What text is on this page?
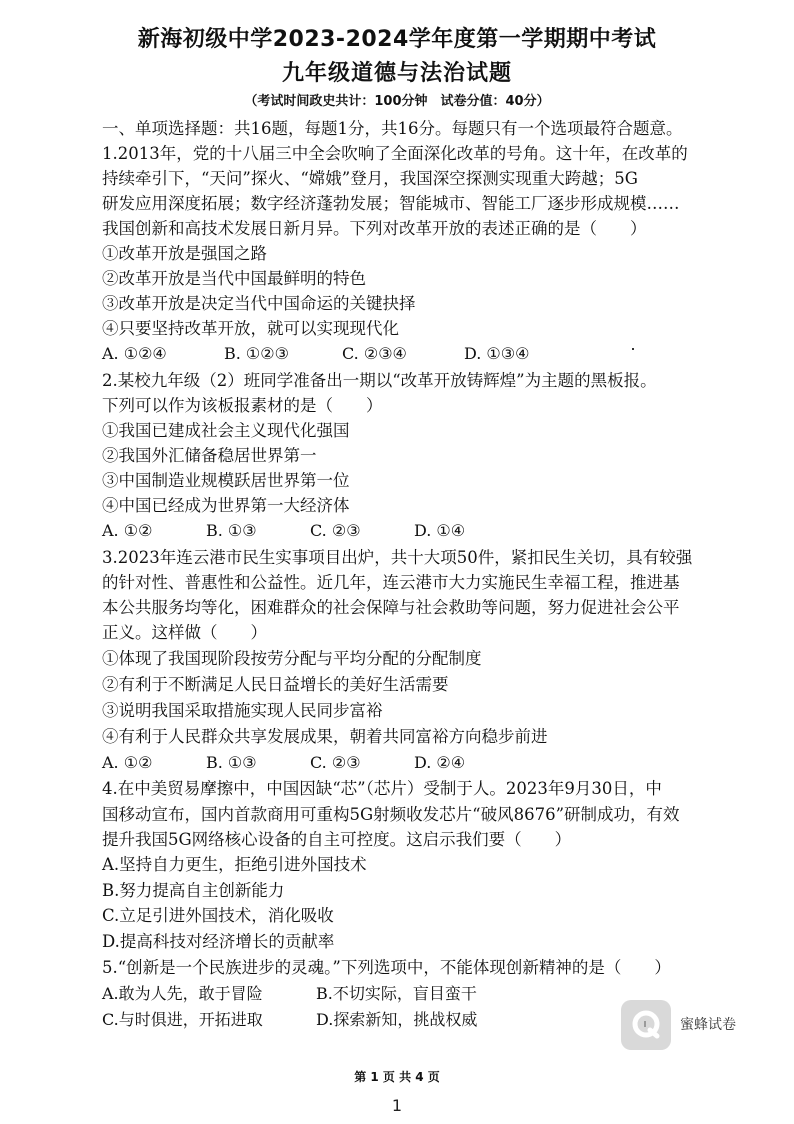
新海初级中学2023-2024学年度第一学期期中考试
九年级道德与法治试题
（考试时间政史共计：100分钟　试卷分值：40分）
一、单项选择题：共16题，每题1分，共16分。每题只有一个选项最符合题意。
1.2013年，党的十八届三中全会吹响了全面深化改革的号角。这十年，在改革的
持续牵引下，“天问”探火、“嫦娥”登月，我国深空探测实现重大跨越；5G
研发应用深度拓展；数字经济蓬勃发展；智能城市、智能工厂逐步形成规模……
我国创新和高技术发展日新月异。下列对改革开放的表述正确的是（　　）
①改革开放是强国之路
②改革开放是当代中国最鲜明的特色
③改革开放是决定当代中国命运的关键抉择
④只要坚持改革开放，就可以实现现代化
A. ①②④	B. ①②③	C. ②③④	D. ①③④
2.某校九年级（2）班同学准备出一期以“改革开放铸辉煌”为主题的黑板报。
下列可以作为该板报素材的是（　　）
①我国已建成社会主义现代化强国
②我国外汇储备稳居世界第一
③中国制造业规模跃居世界第一位
④中国已经成为世界第一大经济体
A. ①②	B. ①③	C. ②③	D. ①④
3.2023年连云港市民生实事项目出炉，共十大项50件，紧扣民生关切，具有较强
的针对性、普惠性和公益性。近几年，连云港市大力实施民生幸福工程，推进基
本公共服务均等化，困难群众的社会保障与社会救助等问题，努力促进社会公平
正义。这样做（　　）
①体现了我国现阶段按劳分配与平均分配的分配制度
②有利于不断满足人民日益增长的美好生活需要
③说明我国采取措施实现人民同步富裕
④有利于人民群众共享发展成果，朝着共同富裕方向稳步前进
A. ①②	B. ①③	C. ②③	D. ②④
4.在中美贸易摩擦中，中国因缺“芯”（芯片）受制于人。2023年9月30日，中
国移动宣布，国内首款商用可重构5G射频收发芯片“破风8676”研制成功，有效
提升我国5G网络核心设备的自主可控度。这启示我们要（　　）
A.坚持自力更生，拒绝引进外国技术
B.努力提高自主创新能力
C.立足引进外国技术，消化吸收
D.提高科技对经济增长的贡献率
5.“创新是一个民族进步的灵魂。”下列选项中，不能体现创新精神的是（　　）
A.敢为人先，敢于冒险	B.不切实际，盲目蛮干
C.与时俱进，开拓进取	D.探索新知，挑战权威	蜜蜂试卷
第 1 页 共 4 页
1
